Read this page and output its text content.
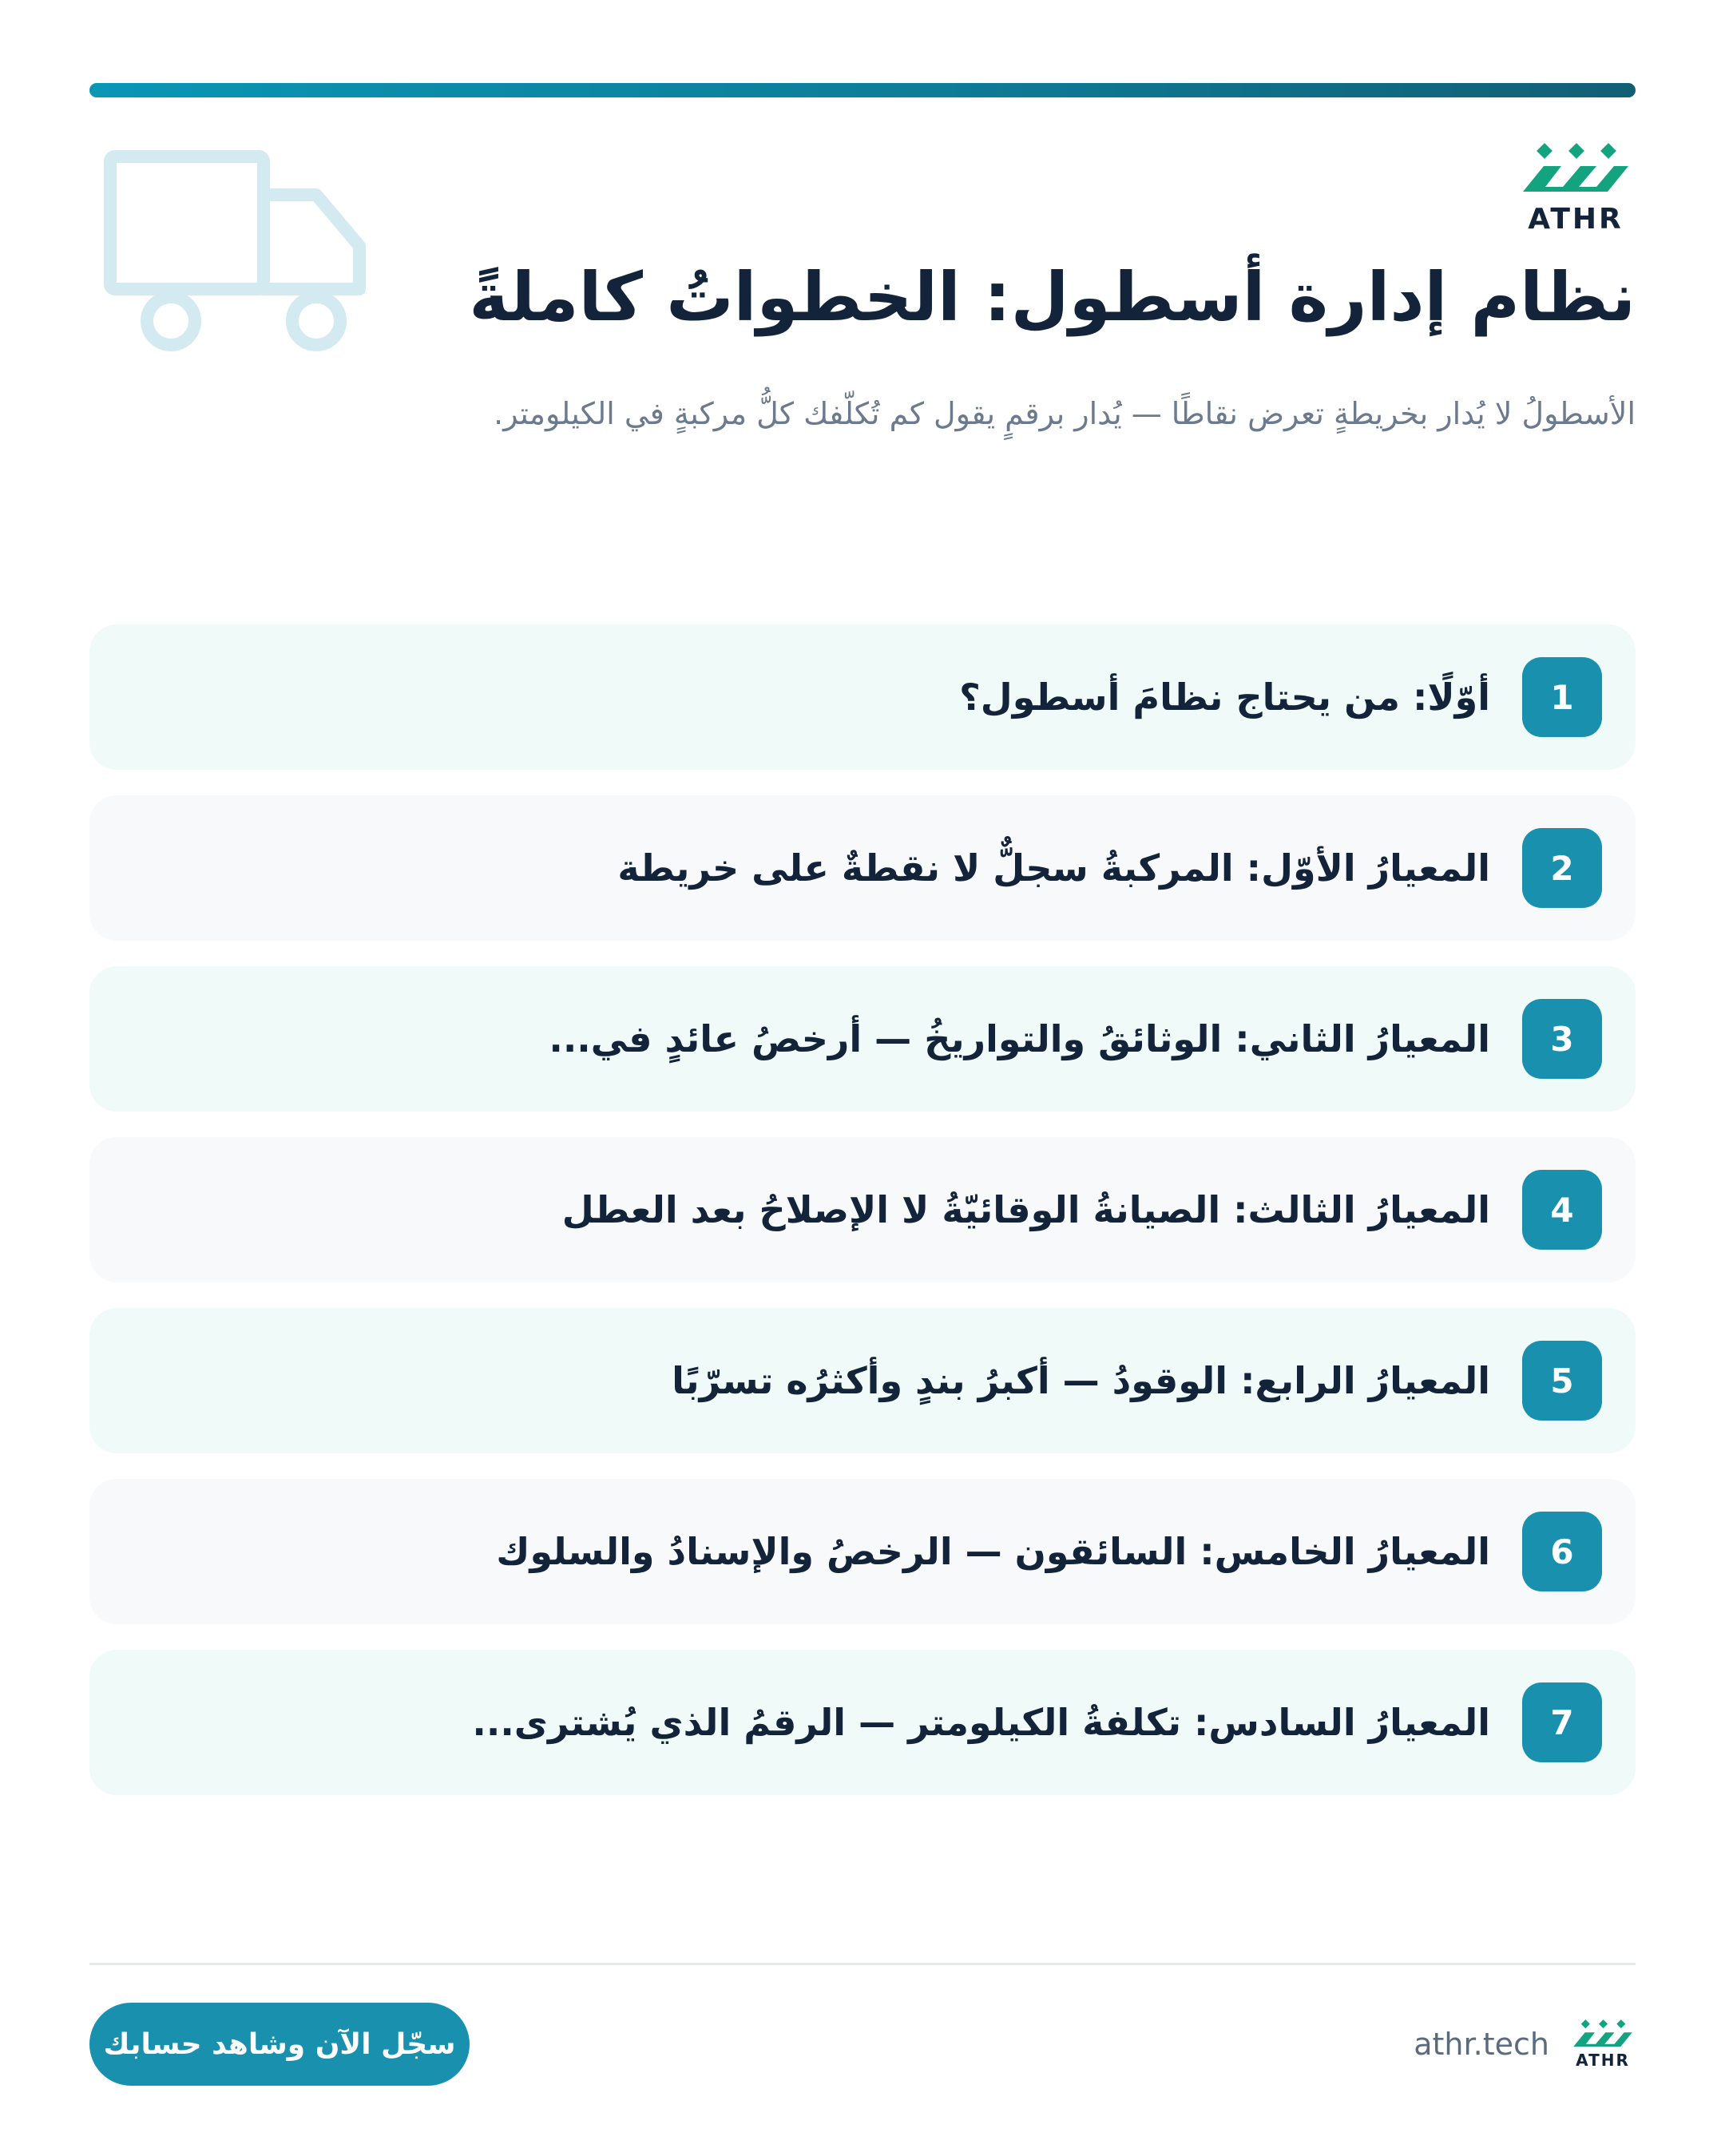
ATHR
نظام إدارة أسطول: الخطواتُ كاملةً

الأسطولُ لا يُدار بخريطةٍ تعرض نقاطًا — يُدار برقمٍ يقول كم تُكلّفك كلُّ مركبةٍ في الكيلومتر.

1
أوّلًا: من يحتاج نظامَ أسطول؟
2
المعيارُ الأوّل: المركبةُ سجلٌّ لا نقطةٌ على خريطة
3
المعيارُ الثاني: الوثائقُ والتواريخُ — أرخصُ عائدٍ في...
4
المعيارُ الثالث: الصيانةُ الوقائيّةُ لا الإصلاحُ بعد العطل
5
المعيارُ الرابع: الوقودُ — أكبرُ بندٍ وأكثرُه تسرّبًا
6
المعيارُ الخامس: السائقون — الرخصُ والإسنادُ والسلوك
7
المعيارُ السادس: تكلفةُ الكيلومتر — الرقمُ الذي يُشترى...
سجّل الآن وشاهد حسابك	athr.tech	ATHR
